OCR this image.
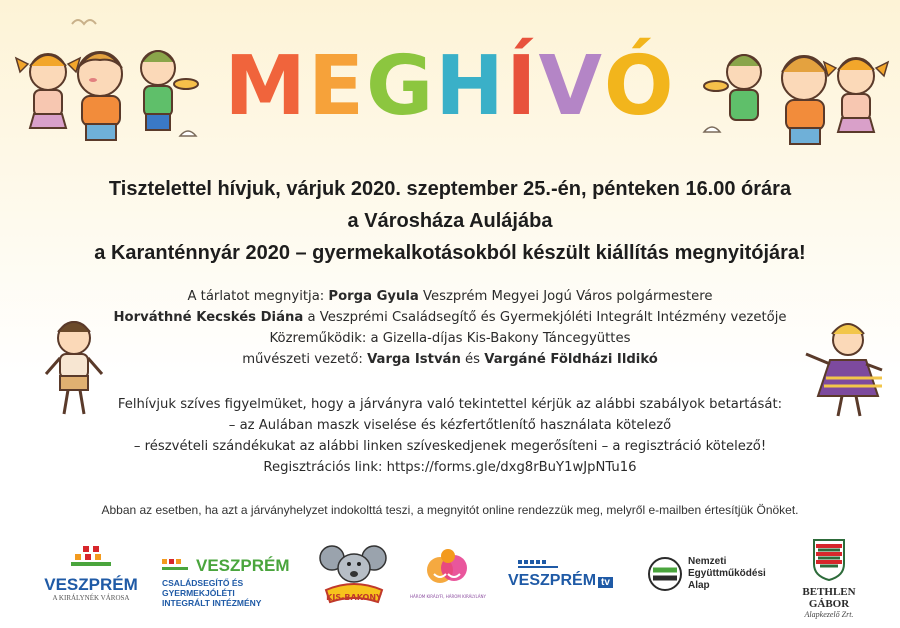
MEGHÍVÓ
Tisztelettel hívjuk, várjuk 2020. szeptember 25.-én, pénteken 16.00 órára
a Városháza Aulájába
a Karanténnyár 2020 – gyermekalkotásokból készült kiállítás megnyitójára!
A tárlatot megnyitja: Porga Gyula Veszprém Megyei Jogú Város polgármestere
Horváthné Kecskés Diána a Veszprémi Családsegítő és Gyermekjóléti Integrált Intézmény vezetője
Közreműködik: a Gizella-díjas Kis-Bakony Táncegyüttes
művészeti vezető: Varga István és Vargáné Földházi Ildikó
Felhívjuk szíves figyelmüket, hogy a járványra való tekintettel kérjük az alábbi szabályok betartását:
– az Aulában maszk viselése és kézfertőtlenítő használata kötelező
– részvételi szándékukat az alábbi linken szíveskedjenek megerősíteni – a regisztráció kötelező!
Regisztrációs link: https://forms.gle/dxg8rBuY1wJpNTu16
Abban az esetben, ha azt a járványhelyzet indokolttá teszi, a megnyitót online rendezzük meg, melyről e-mailben értesítjük Önöket.
VESZPRÉM
A KIRÁLYNÉK VÁROSA
VESZPRÉM
CSALÁDSEGÍTŐ ÉS GYERMEKJÓLÉTI
INTEGRÁLT INTÉZMÉNY
KIS-BAKONY	HÁROM KIRÁLYFI, HÁROM KIRÁLYLÁNY
VESZPRÉM tv
Nemzeti
Együttműködési
Alap
BETHLEN GÁBOR
Alapkezelő Zrt.
